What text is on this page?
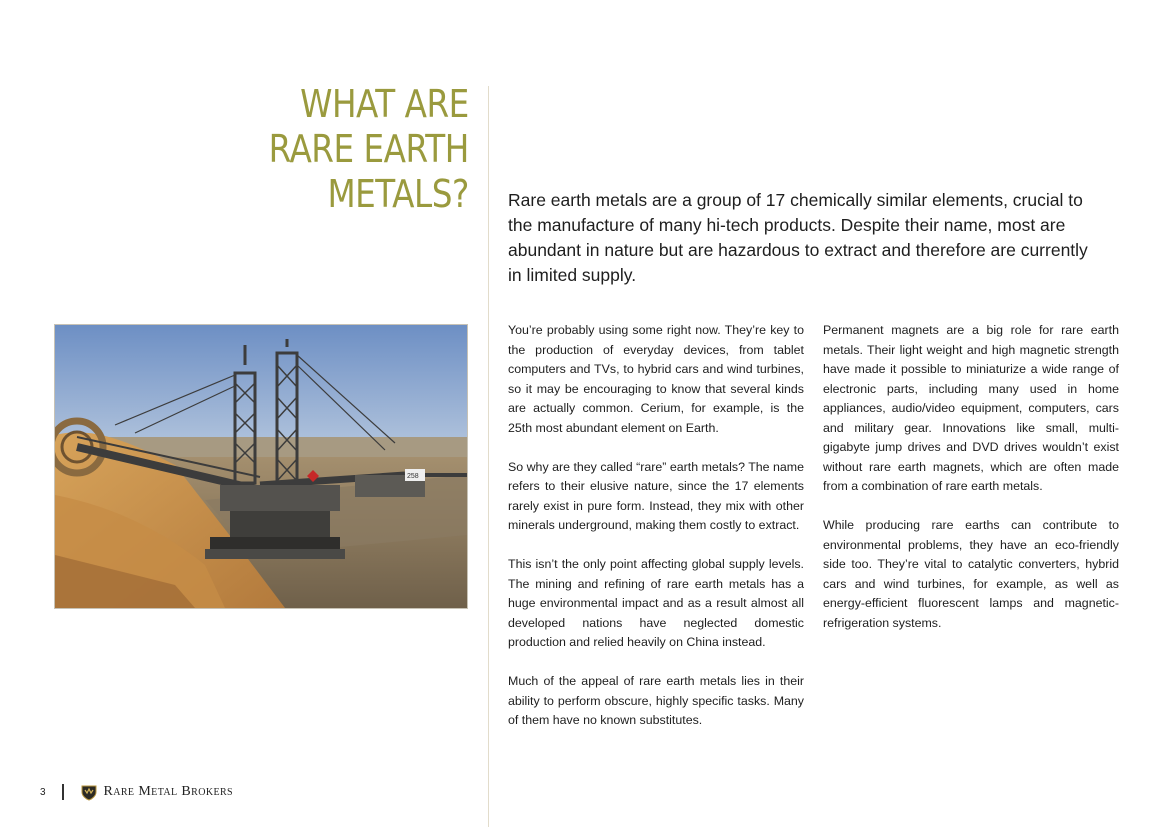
WHAT ARE
RARE EARTH
METALS? Rare earth metals are a group of 17 chemically similar elements, crucial to the manufacture of many hi-tech products. Despite their name, most are abundant in nature but are hazardous to extract and therefore are currently in limited supply.

258

You’re probably using some right now. They’re key to the production of everyday devices, from tablet computers and TVs, to hybrid cars and wind turbines, so it may be encouraging to know that several kinds are actually common. Cerium, for example, is the 25th most abundant element on Earth.

So why are they called “rare” earth metals? The name refers to their elusive nature, since the 17 elements rarely exist in pure form. Instead, they mix with other minerals underground, making them costly to extract.

This isn’t the only point affecting global supply levels. The mining and refining of rare earth metals has a huge environmental impact and as a result almost all developed nations have neglected domestic production and relied heavily on China instead.

Much of the appeal of rare earth metals lies in their ability to perform obscure, highly specific tasks. Many of them have no known substitutes.

Permanent magnets are a big role for rare earth metals. Their light weight and high magnetic strength have made it possible to miniaturize a wide range of electronic parts, including many used in home appliances, audio/video equipment, computers, cars and military gear. Innovations like small, multi-gigabyte jump drives and DVD drives wouldn’t exist without rare earth magnets, which are often made from a combination of rare earth metals.

While producing rare earths can contribute to environmental problems, they have an eco-friendly side too. They’re vital to catalytic converters, hybrid cars and wind turbines, for example, as well as energy-efficient fluorescent lamps and magnetic-refrigeration systems.

3	Rare Metal Brokers
